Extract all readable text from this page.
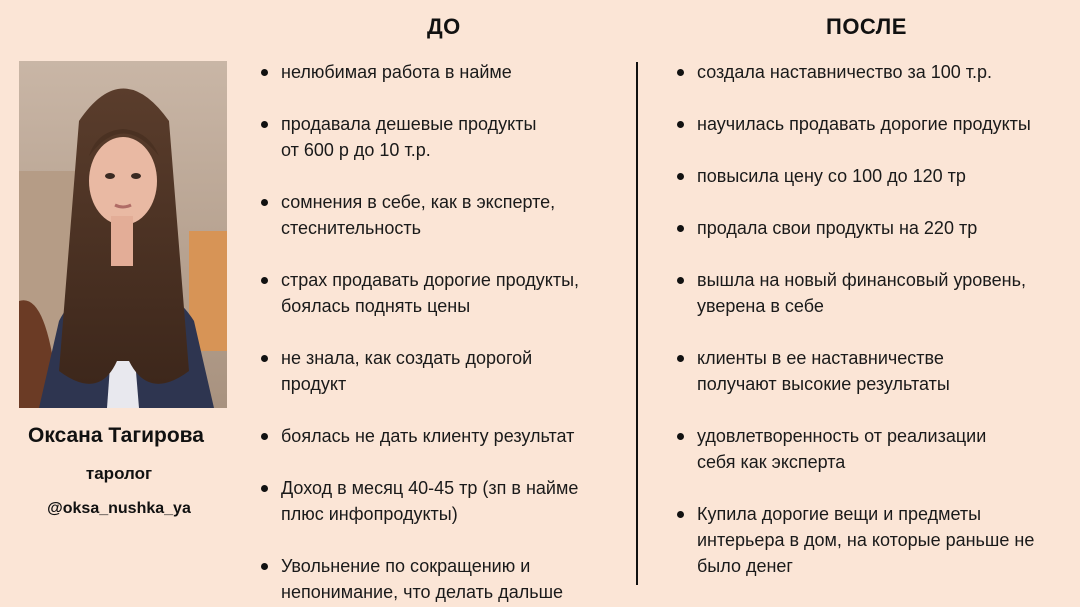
ДО	ПОСЛЕ
Оксана Тагирова
таролог
@oksa_nushka_ya
нелюбимая работа в найме
продавала дешевые продукты
от 600 р до 10 т.р.
сомнения в себе, как в эксперте,
стеснительность
страх продавать дорогие продукты,
боялась поднять цены
не знала, как создать дорогой
продукт
боялась не дать клиенту результат
Доход в месяц 40-45 тр (зп в найме
плюс инфопродукты)
Увольнение по сокращению и
непонимание, что делать дальше
создала наставничество за 100 т.р.
научилась продавать дорогие продукты
повысила цену со 100 до 120 тр
продала свои продукты на 220 тр
вышла на новый финансовый уровень,
уверена в себе
клиенты в ее наставничестве
получают высокие результаты
удовлетворенность от реализации
себя как эксперта
Купила дорогие вещи и предметы
интерьера в дом, на которые раньше не
было денег
